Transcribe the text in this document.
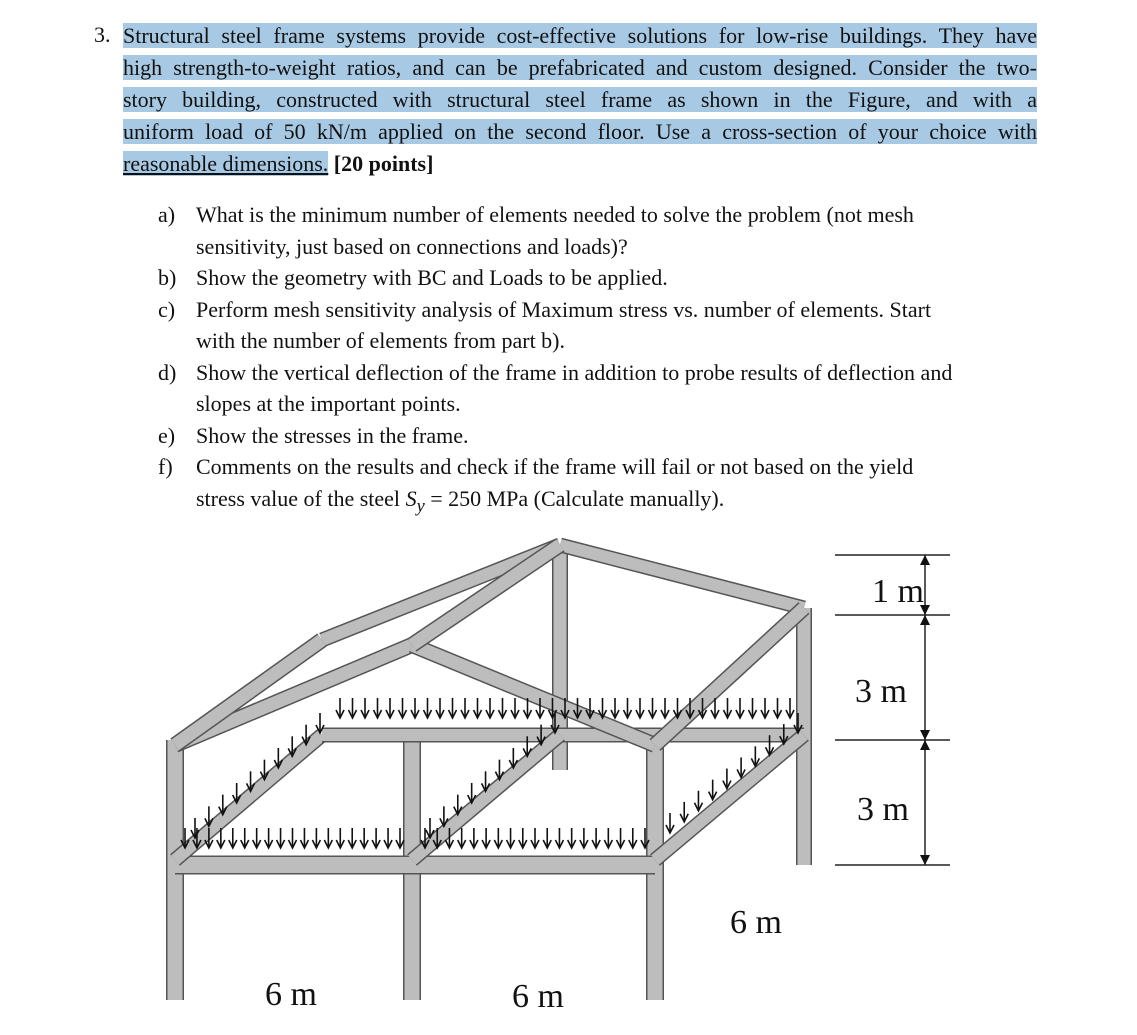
3. Structural steel frame systems provide cost-effective solutions for low-rise buildings. They have
high strength-to-weight ratios, and can be prefabricated and custom designed. Consider the two-
story building, constructed with structural steel frame as shown in the Figure, and with a
uniform load of 50 kN/m applied on the second floor. Use a cross-section of your choice with
reasonable dimensions. [20 points]
a) What is the minimum number of elements needed to solve the problem (not mesh
sensitivity, just based on connections and loads)?
b) Show the geometry with BC and Loads to be applied.
c) Perform mesh sensitivity analysis of Maximum stress vs. number of elements. Start
with the number of elements from part b).
d) Show the vertical deflection of the frame in addition to probe results of deflection and
slopes at the important points.
e) Show the stresses in the frame.
f) Comments on the results and check if the frame will fail or not based on the yield
stress value of the steel $S_y = 250$ MPa (Calculate manually).
1 m
3 m
3 m
6 m
6 m	6 m
